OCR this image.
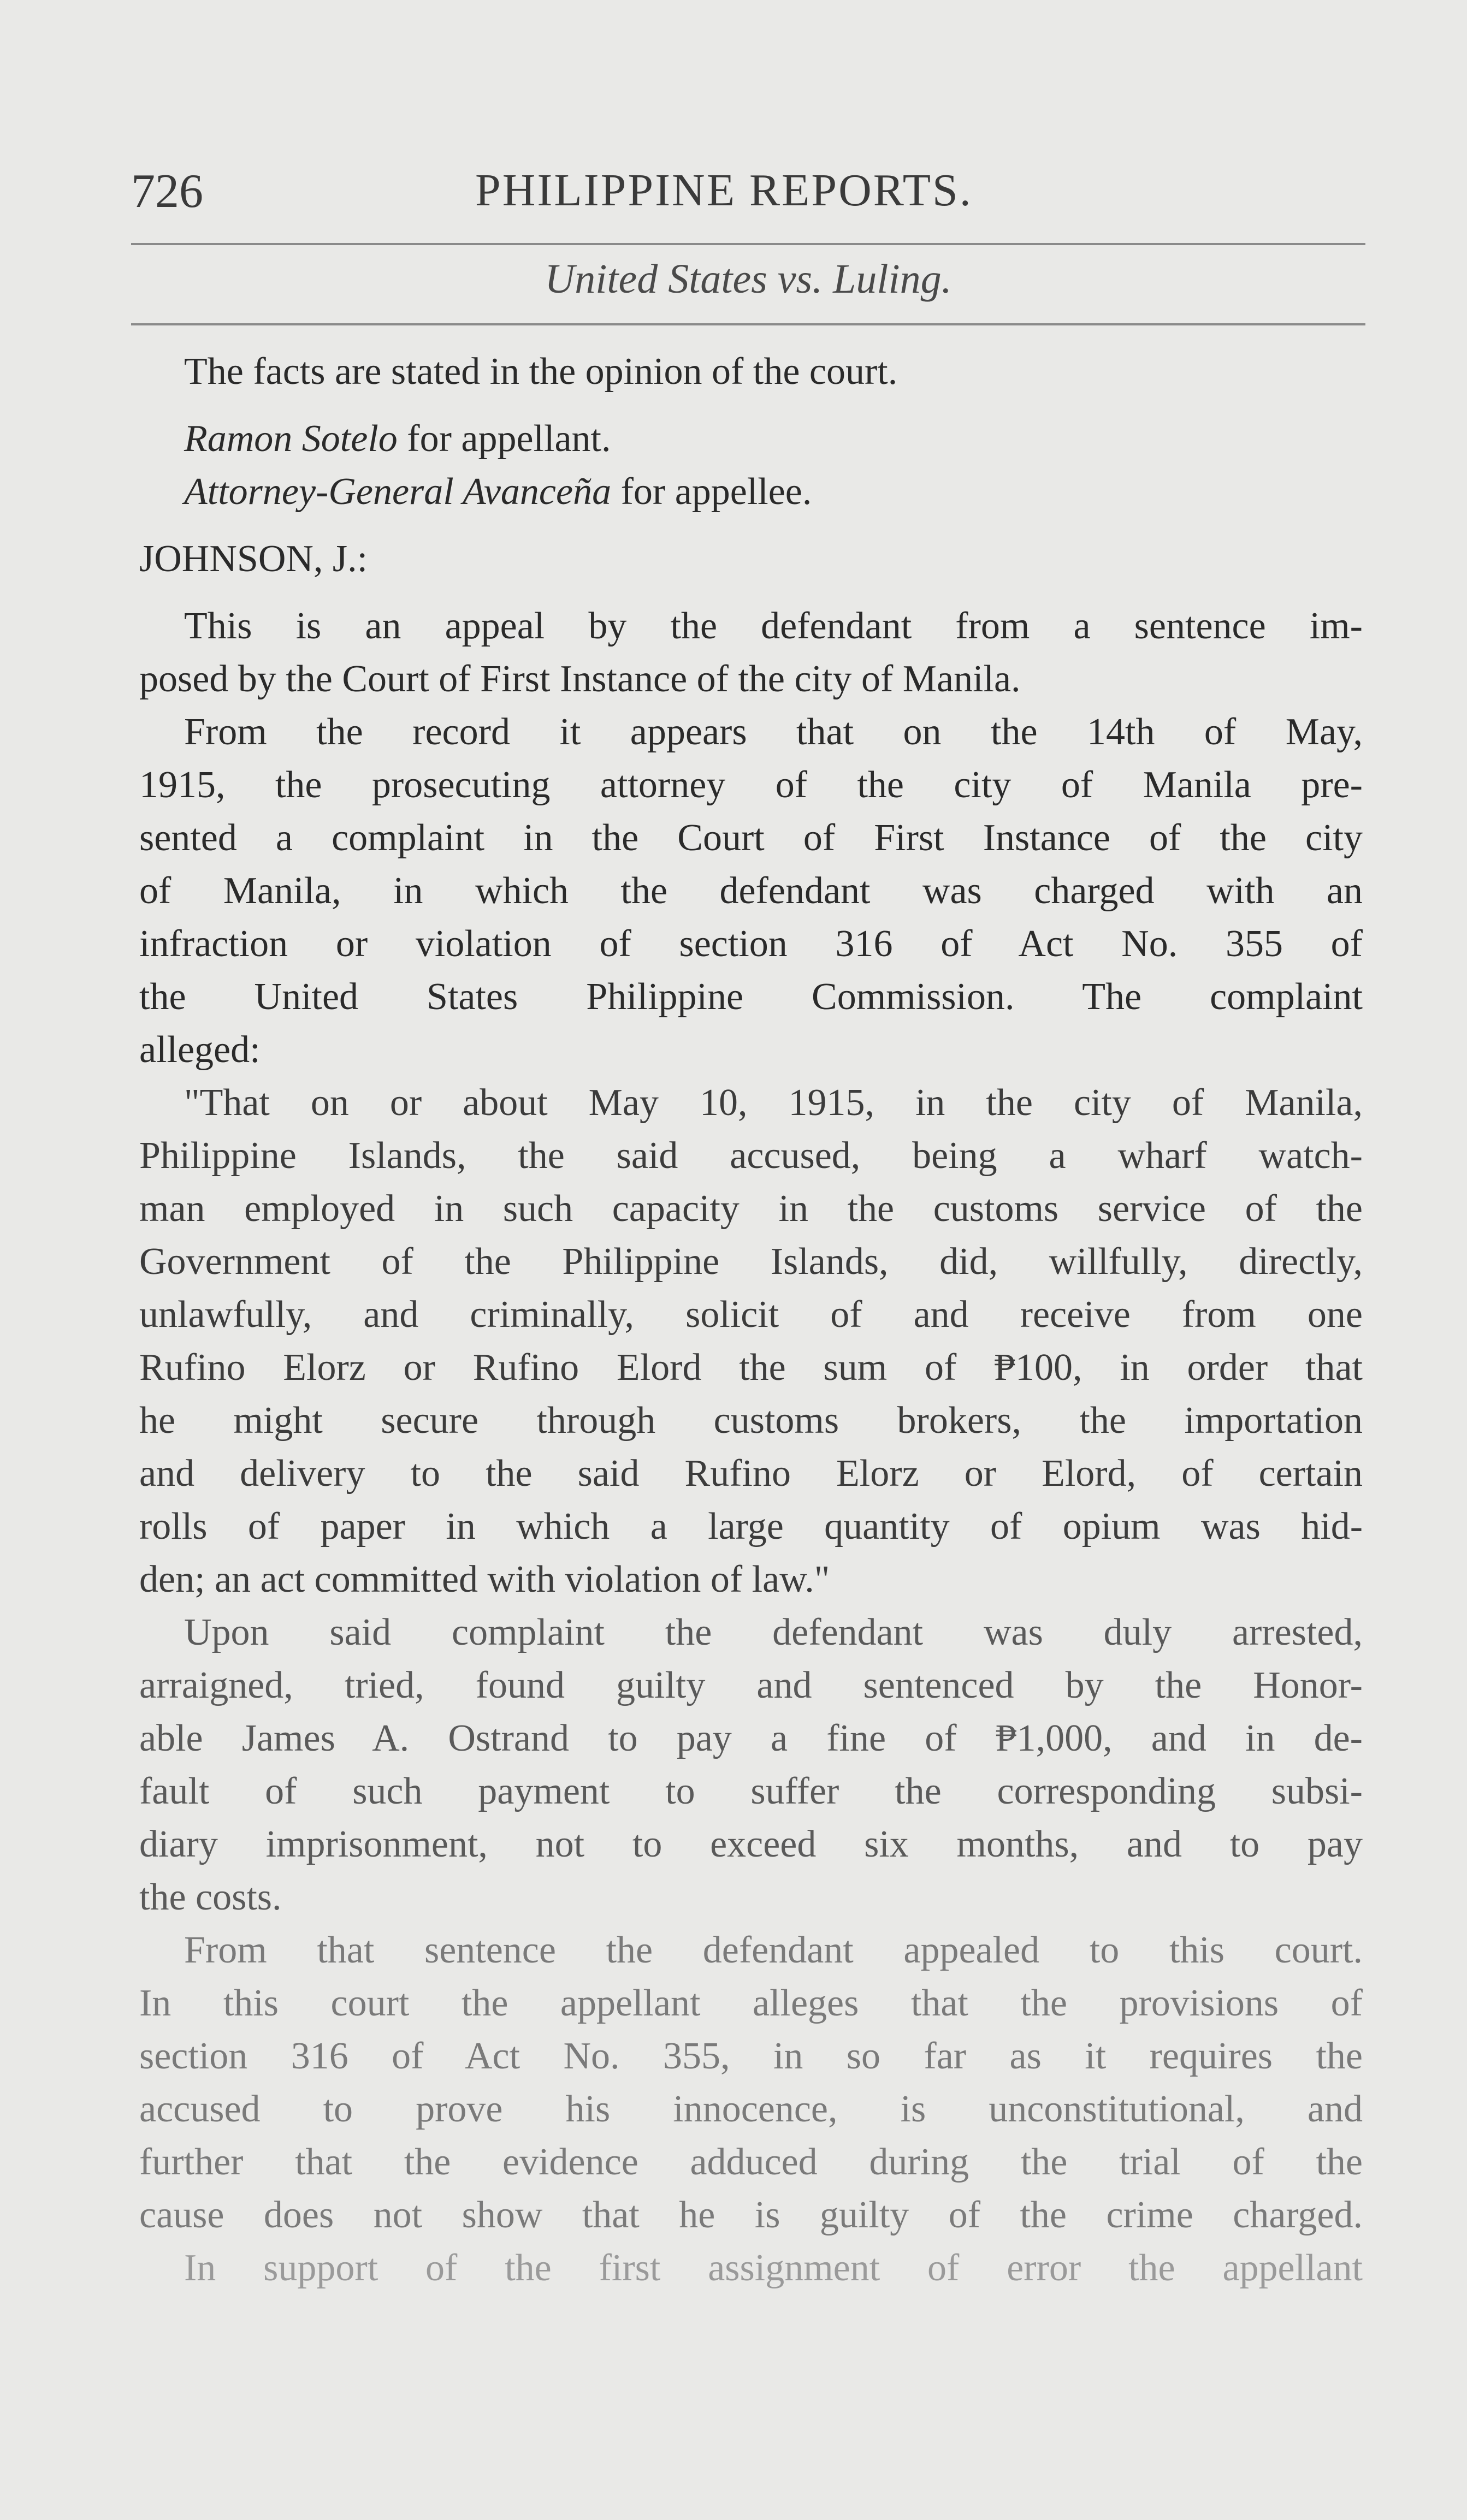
726	PHILIPPINE REPORTS.
United States vs. Luling.

The facts are stated in the opinion of the court.

Ramon Sotelo for appellant.

Attorney-General Avanceña for appellee.

JOHNSON, J.:

This is an appeal by the defendant from a sentence im-
posed by the Court of First Instance of the city of Manila.
From the record it appears that on the 14th of May,
1915, the prosecuting attorney of the city of Manila pre-
sented a complaint in the Court of First Instance of the city
of Manila, in which the defendant was charged with an
infraction or violation of section 316 of Act No. 355 of
the United States Philippine Commission. The complaint
alleged:
"That on or about May 10, 1915, in the city of Manila,
Philippine Islands, the said accused, being a wharf watch-
man employed in such capacity in the customs service of the
Government of the Philippine Islands, did, willfully, directly,
unlawfully, and criminally, solicit of and receive from one
Rufino Elorz or Rufino Elord the sum of ₱100, in order that
he might secure through customs brokers, the importation
and delivery to the said Rufino Elorz or Elord, of certain
rolls of paper in which a large quantity of opium was hid-
den; an act committed with violation of law."
Upon said complaint the defendant was duly arrested,
arraigned, tried, found guilty and sentenced by the Honor-
able James A. Ostrand to pay a fine of ₱1,000, and in de-
fault of such payment to suffer the corresponding subsi-
diary imprisonment, not to exceed six months, and to pay
the costs.
From that sentence the defendant appealed to this court.
In this court the appellant alleges that the provisions of
section 316 of Act No. 355, in so far as it requires the
accused to prove his innocence, is unconstitutional, and
further that the evidence adduced during the trial of the
cause does not show that he is guilty of the crime charged.
In support of the first assignment of error the appellant
